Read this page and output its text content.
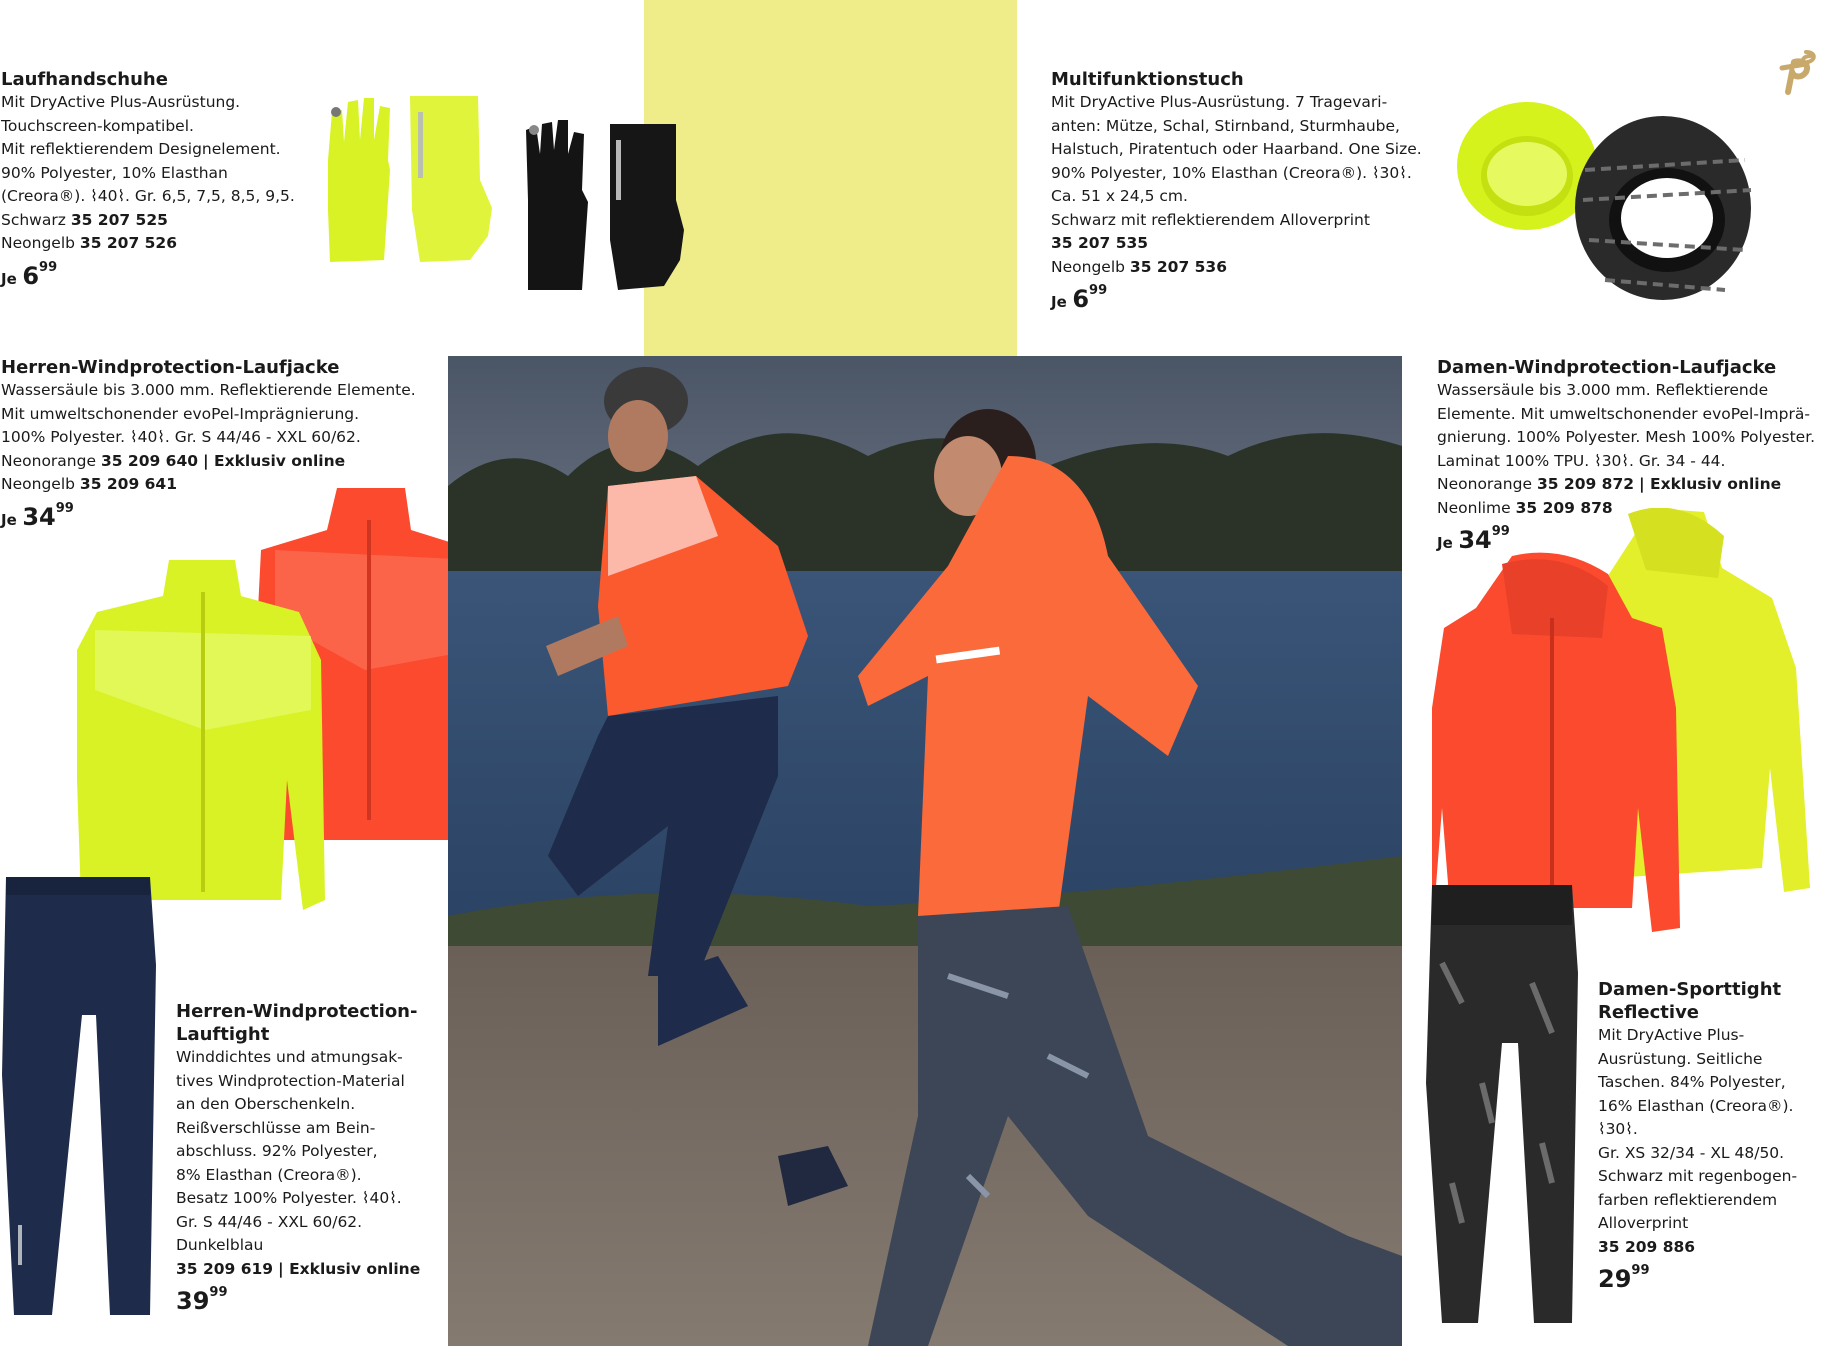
Laufhandschuhe

Mit DryActive Plus-Ausrüstung.
Touchscreen-kompatibel.
Mit reflektierendem Designelement.
90% Polyester, 10% Elasthan
(Creora®). ⌇40⌇. Gr. 6,5, 7,5, 8,5, 9,5.
Schwarz 35 207 525
Neongelb 35 207 526
Je $6^{99}$

Multifunktionstuch

Mit DryActive Plus-Ausrüstung. 7 Tragevari-
anten: Mütze, Schal, Stirnband, Sturmhaube,
Halstuch, Piratentuch oder Haarband. One Size.
90% Polyester, 10% Elasthan (Creora®). ⌇30⌇.
Ca. 51 x 24,5 cm.
Schwarz mit reflektierendem Alloverprint
35 207 535
Neongelb 35 207 536
Je $6^{99}$

Herren-Windprotection-Laufjacke

Wassersäule bis 3.000 mm. Reflektierende Elemente.
Mit umweltschonender evoPel-Imprägnierung.
100% Polyester. ⌇40⌇. Gr. S 44/46 - XXL 60/62.
Neonorange 35 209 640 | Exklusiv online
Neongelb 35 209 641
Je $34^{99}$

Herren-Windprotection-
Lauftight

Winddichtes und atmungsak-
tives Windprotection-Material
an den Oberschenkeln.
Reißverschlüsse am Bein-
abschluss. 92% Polyester,
8% Elasthan (Creora®).
Besatz 100% Polyester. ⌇40⌇.
Gr. S 44/46 - XXL 60/62.
Dunkelblau
35 209 619 | Exklusiv online
$39^{99}$

Damen-Windprotection-Laufjacke

Wassersäule bis 3.000 mm. Reflektierende
Elemente. Mit umweltschonender evoPel-Imprä-
gnierung. 100% Polyester. Mesh 100% Polyester.
Laminat 100% TPU. ⌇30⌇. Gr. 34 - 44.
Neonorange 35 209 872 | Exklusiv online
Neonlime 35 209 878
Je $34^{99}$

Damen-Sporttight
Reflective

Mit DryActive Plus-
Ausrüstung. Seitliche
Taschen. 84% Polyester,
16% Elasthan (Creora®). ⌇30⌇.
Gr. XS 32/34 - XL 48/50.
Schwarz mit regenbogen-
farben reflektierendem
Alloverprint
35 209 886
$29^{99}$
